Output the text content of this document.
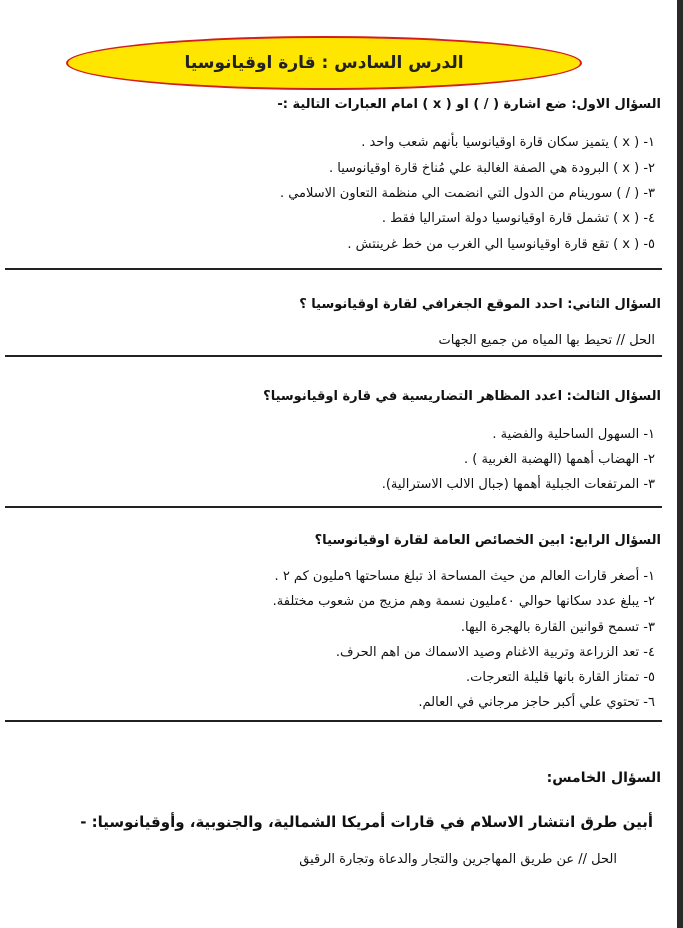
الدرس السادس : قارة اوقيانوسيا
السؤال الاول: ضع اشارة ( / ) او ( x ) امام العبارات التالية :-
١- ( x ) يتميز سكان قارة اوقيانوسيا بأنهم شعب واحد .
٢- ( x ) البرودة هي الصفة الغالبة علي مُناخ قارة اوقيانوسيا .
٣- ( / ) سورينام من الدول التي انضمت الي منظمة التعاون الاسلامي .
٤- ( x ) تشمل قارة اوقيانوسيا دولة استراليا فقط .
٥- ( x ) تقع قارة اوقيانوسيا الي الغرب من خط غرينتش .
السؤال الثاني: احدد الموقع الجغرافي لقارة اوقيانوسيا ؟
الحل // تحيط بها المياه من جميع الجهات
السؤال الثالث: اعدد المظاهر التضاريسية في قارة اوقيانوسيا؟
١- السهول الساحلية والفضية .
٢- الهضاب أهمها (الهضبة الغربية ) .
٣- المرتفعات الجبلية أهمها (جبال الالب الاسترالية).
السؤال الرابع: ابين الخصائص العامة لقارة اوقيانوسيا؟
١- أصغر قارات العالم من حيث المساحة اذ تبلغ مساحتها ٩مليون كم ٢ .
٢- يبلغ عدد سكانها حوالي ٤٠مليون نسمة وهم مزيج من شعوب مختلفة.
٣- تسمح قوانين القارة بالهجرة اليها.
٤- تعد الزراعة وتربية الاغنام وصيد الاسماك من اهم الحرف.
٥- تمتاز القارة بانها قليلة التعرجات.
٦- تحتوي علي أكبر حاجز مرجاني في العالم.
السؤال الخامس:
أبين طرق انتشار الاسلام في قارات أمريكا الشمالية، والجنوبية، وأوقيانوسيا: -
الحل // عن طريق المهاجرين والتجار والدعاة وتجارة الرقيق
